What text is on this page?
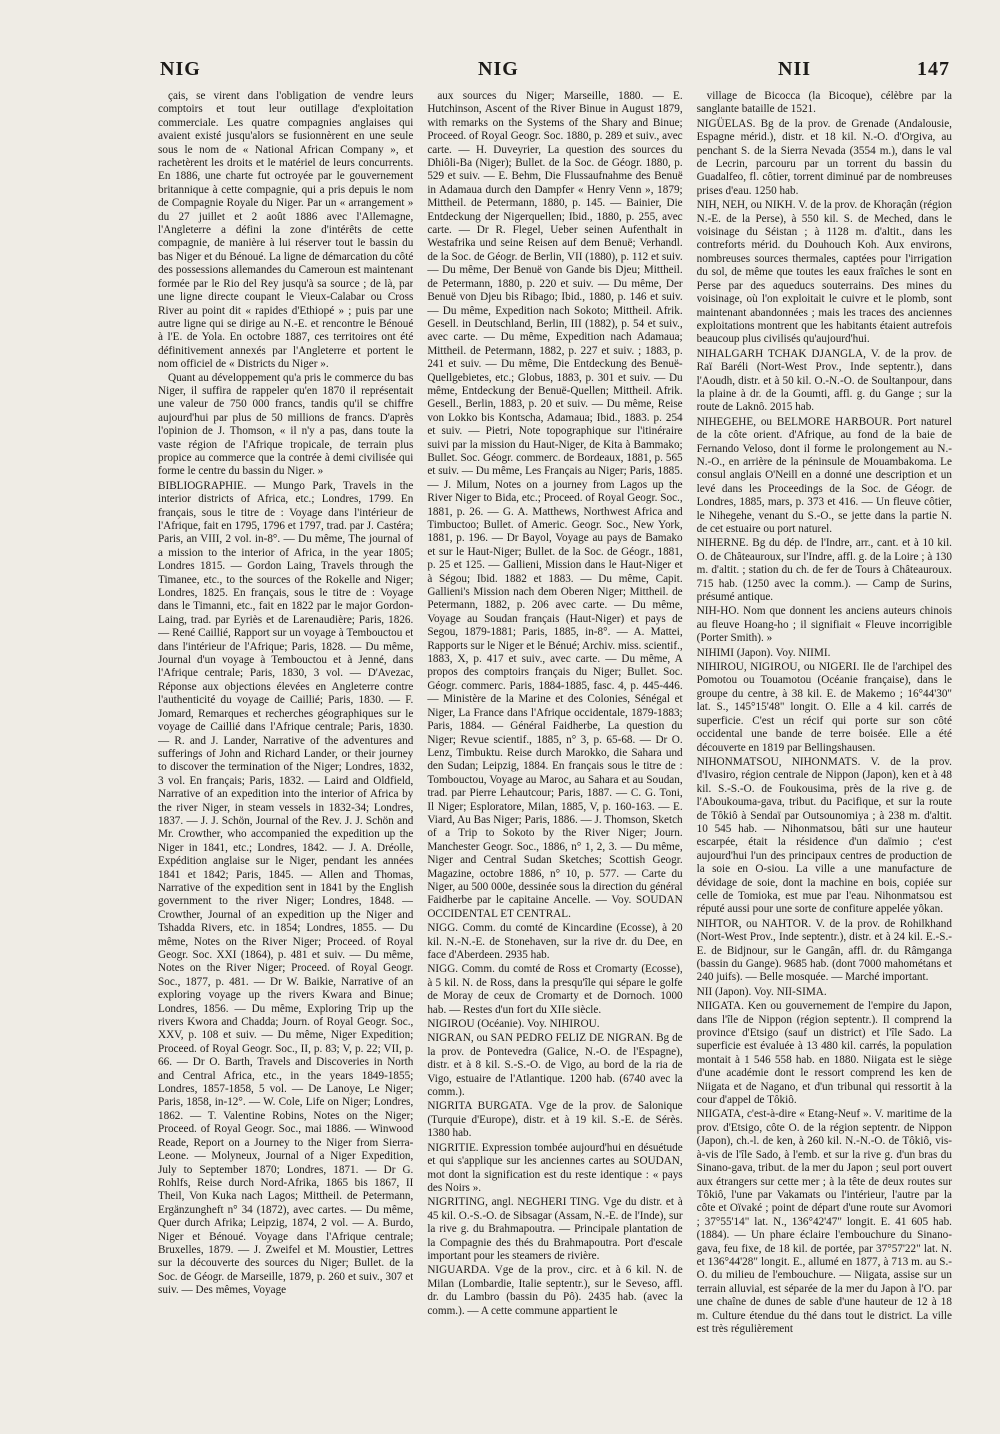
NIG	NIG	NII	147

çais, se virent dans l'obligation de vendre leurs comptoirs et tout leur outillage d'exploitation commerciale. Les quatre compagnies anglaises qui avaient existé jusqu'alors se fusionnèrent en une seule sous le nom de « National African Company », et rachetèrent les droits et le matériel de leurs concurrents. En 1886, une charte fut octroyée par le gouvernement britannique à cette compagnie, qui a pris depuis le nom de Compagnie Royale du Niger. Par un « arrangement » du 27 juillet et 2 août 1886 avec l'Allemagne, l'Angleterre a défini la zone d'intérêts de cette compagnie, de manière à lui réserver tout le bassin du bas Niger et du Bénoué. La ligne de démarcation du côté des possessions allemandes du Cameroun est maintenant formée par le Rio del Rey jusqu'à sa source ; de là, par une ligne directe coupant le Vieux-Calabar ou Cross River au point dit « rapides d'Ethiopé » ; puis par une autre ligne qui se dirige au N.-E. et rencontre le Bénoué à l'E. de Yola. En octobre 1887, ces territoires ont été définitivement annexés par l'Angleterre et portent le nom officiel de « Districts du Niger ».

Quant au développement qu'a pris le commerce du bas Niger, il suffira de rappeler qu'en 1870 il représentait une valeur de 750 000 francs, tandis qu'il se chiffre aujourd'hui par plus de 50 millions de francs. D'après l'opinion de J. Thomson, « il n'y a pas, dans toute la vaste région de l'Afrique tropicale, de terrain plus propice au commerce que la contrée à demi civilisée qui forme le centre du bassin du Niger. »

BIBLIOGRAPHIE. — Mungo Park, Travels in the interior districts of Africa, etc.; Londres, 1799. En français, sous le titre de : Voyage dans l'intérieur de l'Afrique, fait en 1795, 1796 et 1797, trad. par J. Castéra; Paris, an VIII, 2 vol. in-8°. — Du même, The journal of a mission to the interior of Africa, in the year 1805; Londres 1815. — Gordon Laing, Travels through the Timanee, etc., to the sources of the Rokelle and Niger; Londres, 1825. En français, sous le titre de : Voyage dans le Timanni, etc., fait en 1822 par le major Gordon-Laing, trad. par Eyriès et de Larenaudière; Paris, 1826. — René Caillié, Rapport sur un voyage à Tembouctou et dans l'intérieur de l'Afrique; Paris, 1828. — Du même, Journal d'un voyage à Tembouctou et à Jenné, dans l'Afrique centrale; Paris, 1830, 3 vol. — D'Avezac, Réponse aux objections élevées en Angleterre contre l'authenticité du voyage de Caillié; Paris, 1830. — F. Jomard, Remarques et recherches géographiques sur le voyage de Caillié dans l'Afrique centrale; Paris, 1830. — R. and J. Lander, Narrative of the adventures and sufferings of John and Richard Lander, or their journey to discover the termination of the Niger; Londres, 1832, 3 vol. En français; Paris, 1832. — Laird and Oldfield, Narrative of an expedition into the interior of Africa by the river Niger, in steam vessels in 1832-34; Londres, 1837. — J. J. Schön, Journal of the Rev. J. J. Schön and Mr. Crowther, who accompanied the expedition up the Niger in 1841, etc.; Londres, 1842. — J. A. Dréolle, Expédition anglaise sur le Niger, pendant les années 1841 et 1842; Paris, 1845. — Allen and Thomas, Narrative of the expedition sent in 1841 by the English government to the river Niger; Londres, 1848. — Crowther, Journal of an expedition up the Niger and Tshadda Rivers, etc. in 1854; Londres, 1855. — Du même, Notes on the River Niger; Proceed. of Royal Geogr. Soc. XXI (1864), p. 481 et suiv. — Du même, Notes on the River Niger; Proceed. of Royal Geogr. Soc., 1877, p. 481. — Dr W. Baikie, Narrative of an exploring voyage up the rivers Kwara and Binue; Londres, 1856. — Du même, Exploring Trip up the rivers Kwora and Chadda; Journ. of Royal Geogr. Soc., XXV, p. 108 et suiv. — Du même, Niger Expedition; Proceed. of Royal Geogr. Soc., II, p. 83; V, p. 22; VII, p. 66. — Dr O. Barth, Travels and Discoveries in North and Central Africa, etc., in the years 1849-1855; Londres, 1857-1858, 5 vol. — De Lanoye, Le Niger; Paris, 1858, in-12°. — W. Cole, Life on Niger; Londres, 1862. — T. Valentine Robins, Notes on the Niger; Proceed. of Royal Geogr. Soc., mai 1886. — Winwood Reade, Report on a Journey to the Niger from Sierra-Leone. — Molyneux, Journal of a Niger Expedition, July to September 1870; Londres, 1871. — Dr G. Rohlfs, Reise durch Nord-Afrika, 1865 bis 1867, II Theil, Von Kuka nach Lagos; Mittheil. de Petermann, Ergänzungheft n° 34 (1872), avec cartes. — Du même, Quer durch Afrika; Leipzig, 1874, 2 vol. — A. Burdo, Niger et Bénoué. Voyage dans l'Afrique centrale; Bruxelles, 1879. — J. Zweifel et M. Moustier, Lettres sur la découverte des sources du Niger; Bullet. de la Soc. de Géogr. de Marseille, 1879, p. 260 et suiv., 307 et suiv. — Des mêmes, Voyage

aux sources du Niger; Marseille, 1880. — E. Hutchinson, Ascent of the River Binue in August 1879, with remarks on the Systems of the Shary and Binue; Proceed. of Royal Geogr. Soc. 1880, p. 289 et suiv., avec carte. — H. Duveyrier, La question des sources du Dhiôli-Ba (Niger); Bullet. de la Soc. de Géogr. 1880, p. 529 et suiv. — E. Behm, Die Flussaufnahme des Benuë in Adamaua durch den Dampfer « Henry Venn », 1879; Mittheil. de Petermann, 1880, p. 145. — Bainier, Die Entdeckung der Nigerquellen; Ibid., 1880, p. 255, avec carte. — Dr R. Flegel, Ueber seinen Aufenthalt in Westafrika und seine Reisen auf dem Benuë; Verhandl. de la Soc. de Géogr. de Berlin, VII (1880), p. 112 et suiv. — Du même, Der Benuë von Gande bis Djeu; Mittheil. de Petermann, 1880, p. 220 et suiv. — Du même, Der Benuë von Djeu bis Ribago; Ibid., 1880, p. 146 et suiv. — Du même, Expedition nach Sokoto; Mittheil. Afrik. Gesell. in Deutschland, Berlin, III (1882), p. 54 et suiv., avec carte. — Du même, Expedition nach Adamaua; Mittheil. de Petermann, 1882, p. 227 et suiv. ; 1883, p. 241 et suiv. — Du même, Die Entdeckung des Benuë-Quellgebietes, etc.; Globus, 1883, p. 301 et suiv. — Du même, Entdeckung der Benuë-Quellen; Mittheil. Afrik. Gesell., Berlin, 1883, p. 20 et suiv. — Du même, Reise von Lokko bis Kontscha, Adamaua; Ibid., 1883. p. 254 et suiv. — Pietri, Note topographique sur l'itinéraire suivi par la mission du Haut-Niger, de Kita à Bammako; Bullet. Soc. Géogr. commerc. de Bordeaux, 1881, p. 565 et suiv. — Du même, Les Français au Niger; Paris, 1885. — J. Milum, Notes on a journey from Lagos up the River Niger to Bida, etc.; Proceed. of Royal Geogr. Soc., 1881, p. 26. — G. A. Matthews, Northwest Africa and Timbuctoo; Bullet. of Americ. Geogr. Soc., New York, 1881, p. 196. — Dr Bayol, Voyage au pays de Bamako et sur le Haut-Niger; Bullet. de la Soc. de Géogr., 1881, p. 25 et 125. — Gallieni, Mission dans le Haut-Niger et à Ségou; Ibid. 1882 et 1883. — Du même, Capit. Gallieni's Mission nach dem Oberen Niger; Mittheil. de Petermann, 1882, p. 206 avec carte. — Du même, Voyage au Soudan français (Haut-Niger) et pays de Segou, 1879-1881; Paris, 1885, in-8°. — A. Mattei, Rapports sur le Niger et le Bénué; Archiv. miss. scientif., 1883, X, p. 417 et suiv., avec carte. — Du même, A propos des comptoirs français du Niger; Bullet. Soc. Géogr. commerc. Paris, 1884-1885, fasc. 4, p. 445-446. — Ministère de la Marine et des Colonies, Sénégal et Niger, La France dans l'Afrique occidentale, 1879-1883; Paris, 1884. — Général Faidherbe, La question du Niger; Revue scientif., 1885, n° 3, p. 65-68. — Dr O. Lenz, Timbuktu. Reise durch Marokko, die Sahara und den Sudan; Leipzig, 1884. En français sous le titre de : Tombouctou, Voyage au Maroc, au Sahara et au Soudan, trad. par Pierre Lehautcour; Paris, 1887. — C. G. Toni, Il Niger; Esploratore, Milan, 1885, V, p. 160-163. — E. Viard, Au Bas Niger; Paris, 1886. — J. Thomson, Sketch of a Trip to Sokoto by the River Niger; Journ. Manchester Geogr. Soc., 1886, n° 1, 2, 3. — Du même, Niger and Central Sudan Sketches; Scottish Geogr. Magazine, octobre 1886, n° 10, p. 577. — Carte du Niger, au 500 000e, dessinée sous la direction du général Faidherbe par le capitaine Ancelle. — Voy. SOUDAN OCCIDENTAL ET CENTRAL.

NIGG. Comm. du comté de Kincardine (Ecosse), à 20 kil. N.-N.-E. de Stonehaven, sur la rive dr. du Dee, en face d'Aberdeen. 2935 hab.

NIGG. Comm. du comté de Ross et Cromarty (Ecosse), à 5 kil. N. de Ross, dans la presqu'île qui sépare le golfe de Moray de ceux de Cromarty et de Dornoch. 1000 hab. — Restes d'un fort du XIIe siècle.

NIGIROU (Océanie). Voy. NIHIROU.

NIGRAN, ou SAN PEDRO FELIZ DE NIGRAN. Bg de la prov. de Pontevedra (Galice, N.-O. de l'Espagne), distr. et à 8 kil. S.-S.-O. de Vigo, au bord de la ria de Vigo, estuaire de l'Atlantique. 1200 hab. (6740 avec la comm.).

NIGRITA BURGATA. Vge de la prov. de Salonique (Turquie d'Europe), distr. et à 19 kil. S.-E. de Sérès. 1380 hab.

NIGRITIE. Expression tombée aujourd'hui en désuétude et qui s'applique sur les anciennes cartes au SOUDAN, mot dont la signification est du reste identique : « pays des Noirs ».

NIGRITING, angl. NEGHERI TING. Vge du distr. et à 45 kil. O.-S.-O. de Sibsagar (Assam, N.-E. de l'Inde), sur la rive g. du Brahmapoutra. — Principale plantation de la Compagnie des thés du Brahmapoutra. Port d'escale important pour les steamers de rivière.

NIGUARDA. Vge de la prov., circ. et à 6 kil. N. de Milan (Lombardie, Italie septentr.), sur le Seveso, affl. dr. du Lambro (bassin du Pô). 2435 hab. (avec la comm.). — A cette commune appartient le

village de Bicocca (la Bicoque), célèbre par la sanglante bataille de 1521.

NIGÜELAS. Bg de la prov. de Grenade (Andalousie, Espagne mérid.), distr. et 18 kil. N.-O. d'Orgiva, au penchant S. de la Sierra Nevada (3554 m.), dans le val de Lecrin, parcouru par un torrent du bassin du Guadalfeo, fl. côtier, torrent diminué par de nombreuses prises d'eau. 1250 hab.

NIH, NEH, ou NIKH. V. de la prov. de Khoraçân (région N.-E. de la Perse), à 550 kil. S. de Meched, dans le voisinage du Séistan ; à 1128 m. d'altit., dans les contreforts mérid. du Douhouch Koh. Aux environs, nombreuses sources thermales, captées pour l'irrigation du sol, de même que toutes les eaux fraîches le sont en Perse par des aqueducs souterrains. Des mines du voisinage, où l'on exploitait le cuivre et le plomb, sont maintenant abandonnées ; mais les traces des anciennes exploitations montrent que les habitants étaient autrefois beaucoup plus civilisés qu'aujourd'hui.

NIHALGARH TCHAK DJANGLA, V. de la prov. de Raï Baréli (Nort-West Prov., Inde septentr.), dans l'Aoudh, distr. et à 50 kil. O.-N.-O. de Soultanpour, dans la plaine à dr. de la Goumti, affl. g. du Gange ; sur la route de Laknô. 2015 hab.

NIHEGEHE, ou BELMORE HARBOUR. Port naturel de la côte orient. d'Afrique, au fond de la baie de Fernando Veloso, dont il forme le prolongement au N.-N.-O., en arrière de la péninsule de Mouambakoma. Le consul anglais O'Neill en a donné une description et un levé dans les Proceedings de la Soc. de Géogr. de Londres, 1885, mars, p. 373 et 416. — Un fleuve côtier, le Nihegehe, venant du S.-O., se jette dans la partie N. de cet estuaire ou port naturel.

NIHERNE. Bg du dép. de l'Indre, arr., cant. et à 10 kil. O. de Châteauroux, sur l'Indre, affl. g. de la Loire ; à 130 m. d'altit. ; station du ch. de fer de Tours à Châteauroux. 715 hab. (1250 avec la comm.). — Camp de Surins, présumé antique.

NIH-HO. Nom que donnent les anciens auteurs chinois au fleuve Hoang-ho ; il signifiait « Fleuve incorrigible (Porter Smith). »

NIHIMI (Japon). Voy. NIIMI.

NIHIROU, NIGIROU, ou NIGERI. Ile de l'archipel des Pomotou ou Touamotou (Océanie française), dans le groupe du centre, à 38 kil. E. de Makemo ; 16°44'30" lat. S., 145°15'48" longit. O. Elle a 4 kil. carrés de superficie. C'est un récif qui porte sur son côté occidental une bande de terre boisée. Elle a été découverte en 1819 par Bellingshausen.

NIHONMATSOU, NIHONMATS. V. de la prov. d'Ivasiro, région centrale de Nippon (Japon), ken et à 48 kil. S.-S.-O. de Foukousima, près de la rive g. de l'Aboukouma-gava, tribut. du Pacifique, et sur la route de Tôkiô à Sendaï par Outsounomiya ; à 238 m. d'altit. 10 545 hab. — Nihonmatsou, bâti sur une hauteur escarpée, était la résidence d'un daïmio ; c'est aujourd'hui l'un des principaux centres de production de la soie en O-siou. La ville a une manufacture de dévidage de soie, dont la machine en bois, copiée sur celle de Tomioka, est mue par l'eau. Nihonmatsou est réputé aussi pour une sorte de confiture appelée yôkan.

NIHTOR, ou NAHTOR. V. de la prov. de Rohilkhand (Nort-West Prov., Inde septentr.), distr. et à 24 kil. E.-S.-E. de Bidjnour, sur le Gangân, affl. dr. du Râmganga (bassin du Gange). 9685 hab. (dont 7000 mahométans et 240 juifs). — Belle mosquée. — Marché important.

NII (Japon). Voy. NII-SIMA.

NIIGATA. Ken ou gouvernement de l'empire du Japon, dans l'île de Nippon (région septentr.). Il comprend la province d'Etsigo (sauf un district) et l'île Sado. La superficie est évaluée à 13 480 kil. carrés, la population montait à 1 546 558 hab. en 1880. Niigata est le siège d'une académie dont le ressort comprend les ken de Niigata et de Nagano, et d'un tribunal qui ressortit à la cour d'appel de Tôkiô.

NIIGATA, c'est-à-dire « Etang-Neuf ». V. maritime de la prov. d'Etsigo, côte O. de la région septentr. de Nippon (Japon), ch.-l. de ken, à 260 kil. N.-N.-O. de Tôkiô, vis-à-vis de l'île Sado, à l'emb. et sur la rive g. d'un bras du Sinano-gava, tribut. de la mer du Japon ; seul port ouvert aux étrangers sur cette mer ; à la tête de deux routes sur Tôkiô, l'une par Vakamats ou l'intérieur, l'autre par la côte et Oïvaké ; point de départ d'une route sur Avomori ; 37°55'14" lat. N., 136°42'47" longit. E. 41 605 hab. (1884). — Un phare éclaire l'embouchure du Sinano-gava, feu fixe, de 18 kil. de portée, par 37°57'22" lat. N. et 136°44'28" longit. E., allumé en 1877, à 713 m. au S.-O. du milieu de l'embouchure. — Niigata, assise sur un terrain alluvial, est séparée de la mer du Japon à l'O. par une chaîne de dunes de sable d'une hauteur de 12 à 18 m. Culture étendue du thé dans tout le district. La ville est très régulièrement
